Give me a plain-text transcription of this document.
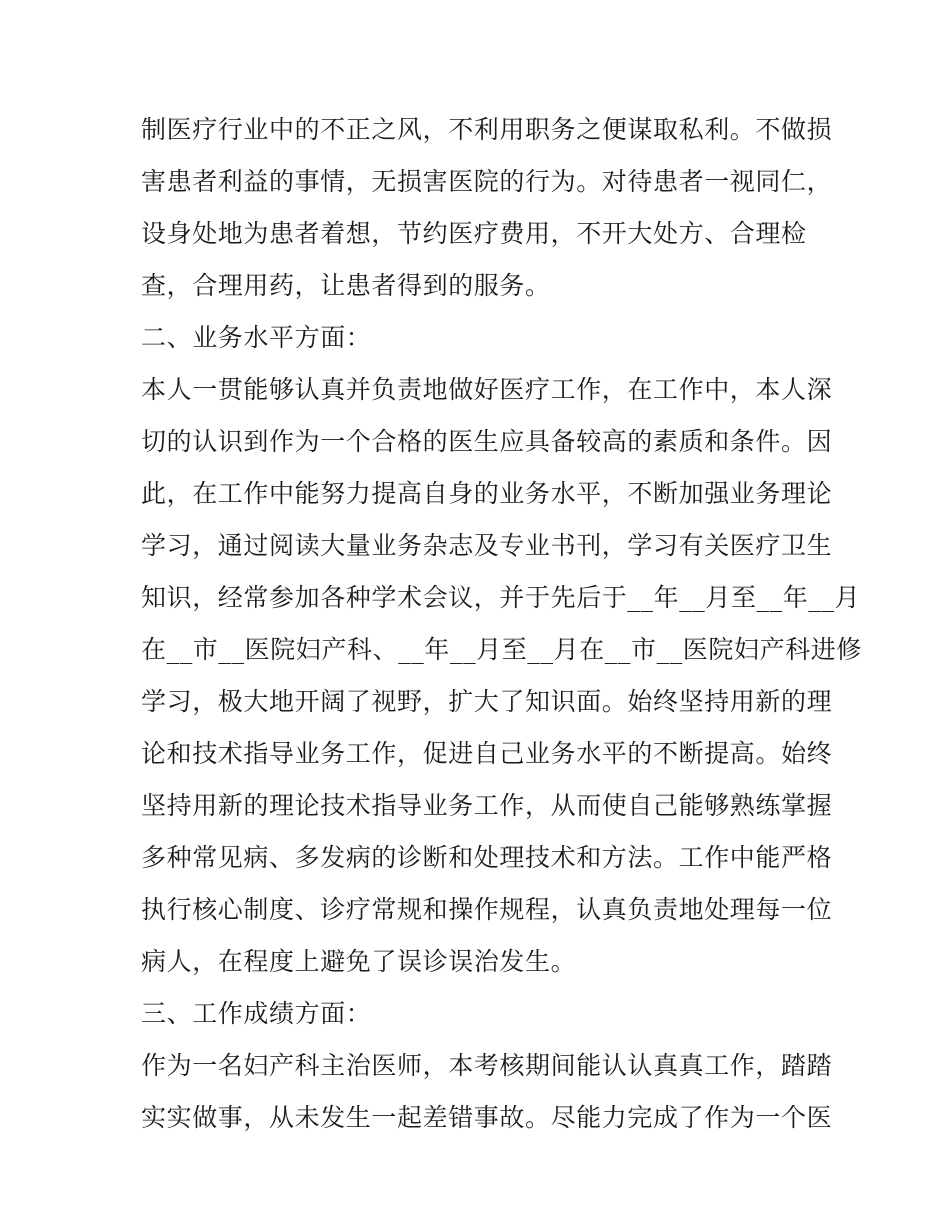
制医疗行业中的不正之风，不利用职务之便谋取私利。不做损
害患者利益的事情，无损害医院的行为。对待患者一视同仁，
设身处地为患者着想，节约医疗费用，不开大处方、合理检
查，合理用药，让患者得到的服务。
二、业务水平方面：
本人一贯能够认真并负责地做好医疗工作，在工作中，本人深
切的认识到作为一个合格的医生应具备较高的素质和条件。因
此，在工作中能努力提高自身的业务水平，不断加强业务理论
学习，通过阅读大量业务杂志及专业书刊，学习有关医疗卫生
知识，经常参加各种学术会议，并于先后于__年__月至__年__月
在__市__医院妇产科、__年__月至__月在__市__医院妇产科进修
学习，极大地开阔了视野，扩大了知识面。始终坚持用新的理
论和技术指导业务工作，促进自己业务水平的不断提高。始终
坚持用新的理论技术指导业务工作，从而使自己能够熟练掌握
多种常见病、多发病的诊断和处理技术和方法。工作中能严格
执行核心制度、诊疗常规和操作规程，认真负责地处理每一位
病人，在程度上避免了误诊误治发生。
三、工作成绩方面：
作为一名妇产科主治医师，本考核期间能认认真真工作，踏踏
实实做事，从未发生一起差错事故。尽能力完成了作为一个医
